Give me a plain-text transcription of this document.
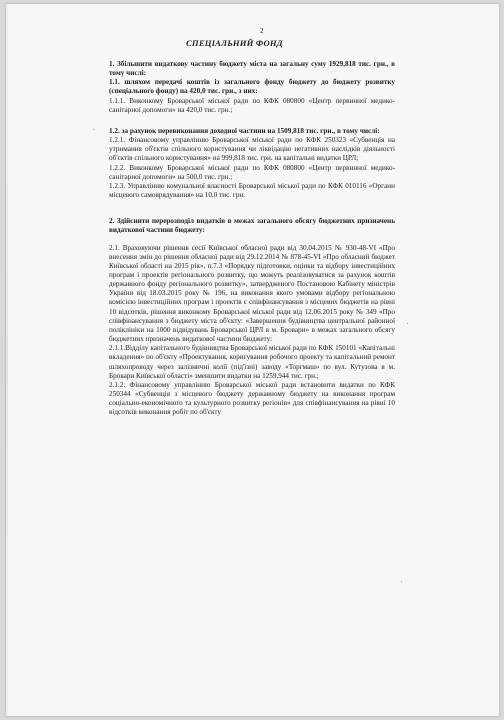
2
СПЕЦІАЛЬНИЙ ФОНД

1. Збільшити видаткову частину бюджету міста на загальну суму 1929,818 тис. грн., в тому числі:

1.1. шляхом передачі коштів із загального фонду бюджету до бюджету розвитку (спеціального фонду) на 420,0 тис. грн., з них:

1.1.1. Виконкому Броварської міської ради по КФК 080800 «Центр первинної медико-санітарної допомоги» на 420,0 тис. грн.;

1.2. за рахунок перевиконання доходної частини на 1509,818 тис. грн., в тому числі:

1.2.1. Фінансовому управлінню Броварської міської ради по КФК 250323 «Субвенція на утримання об'єктів спільного користування чи ліквідацію негативних наслідків діяльності об'єктів спільного користування» на 999,818 тис. грн. на капітальні видатки ЦРЛ;

1.2.2. Виконкому Броварської міської ради по КФК 080800 «Центр первинної медико-санітарної допомоги» на 500,0 тис. грн.;

1.2.3. Управлінню комунальної власності Броварської міської ради по КФК 010116 «Органи місцевого самоврядування» на 10,0 тис. грн.

2. Здійснити перерозподіл видатків в межах загального обсягу бюджетних призначень видаткової частини бюджету:

2.1. Враховуючи рішення сесії Київської обласної ради від 30.04.2015 № 930-48-VІ «Про внесення змін до рішення обласної ради від 29.12.2014 № 878-45-VІ «Про обласний бюджет Київської області на 2015 рік», п.7.3 «Порядку підготовки, оцінки та відбору інвестиційних програм і проектів регіонального розвитку, що можуть реалізовуватися за рахунок коштів державного фонду регіонального розвитку», затвердженого Постановою Кабінету міністрів України від 18.03.2015 року № 196, на виконання якого умовами відбору регіональною комісією інвестиційних програм і проектів є співфінансування з місцевих бюджетів на рівні 10 відсотків, рішення виконкому Броварської міської ради від 12.06.2015 року № 349 «Про співфінансування з бюджету міста об'єкту: «Завершення будівництва центральної районної поліклініки на 1000 відвідувань Броварської ЦРЛ в м. Бровари» в межах загального обсягу бюджетних призначень видаткової частини бюджету:

2.1.1.Відділу капітального будівництва Броварської міської ради по КФК 150101 «Капітальні вкладення» по об'єкту «Проектування, коригування робочого проекту та капітальний ремонт шляхопроводу через залізничні колії (під'їзні) заводу «Торгмаш» по вул. Кутузова в м. Бровари Київської області» зменшити видатки на 1259,944 тис. грн.;

2.1.2. Фінансовому управлінню Броварської міської ради встановити видатки по КФК 250344 «Субвенція з місцевого бюджету державному бюджету на виконання програм соціально-економічного та культурного розвитку регіонів» для співфінансування на рівні 10 відсотків виконання робіт по об'єкту
